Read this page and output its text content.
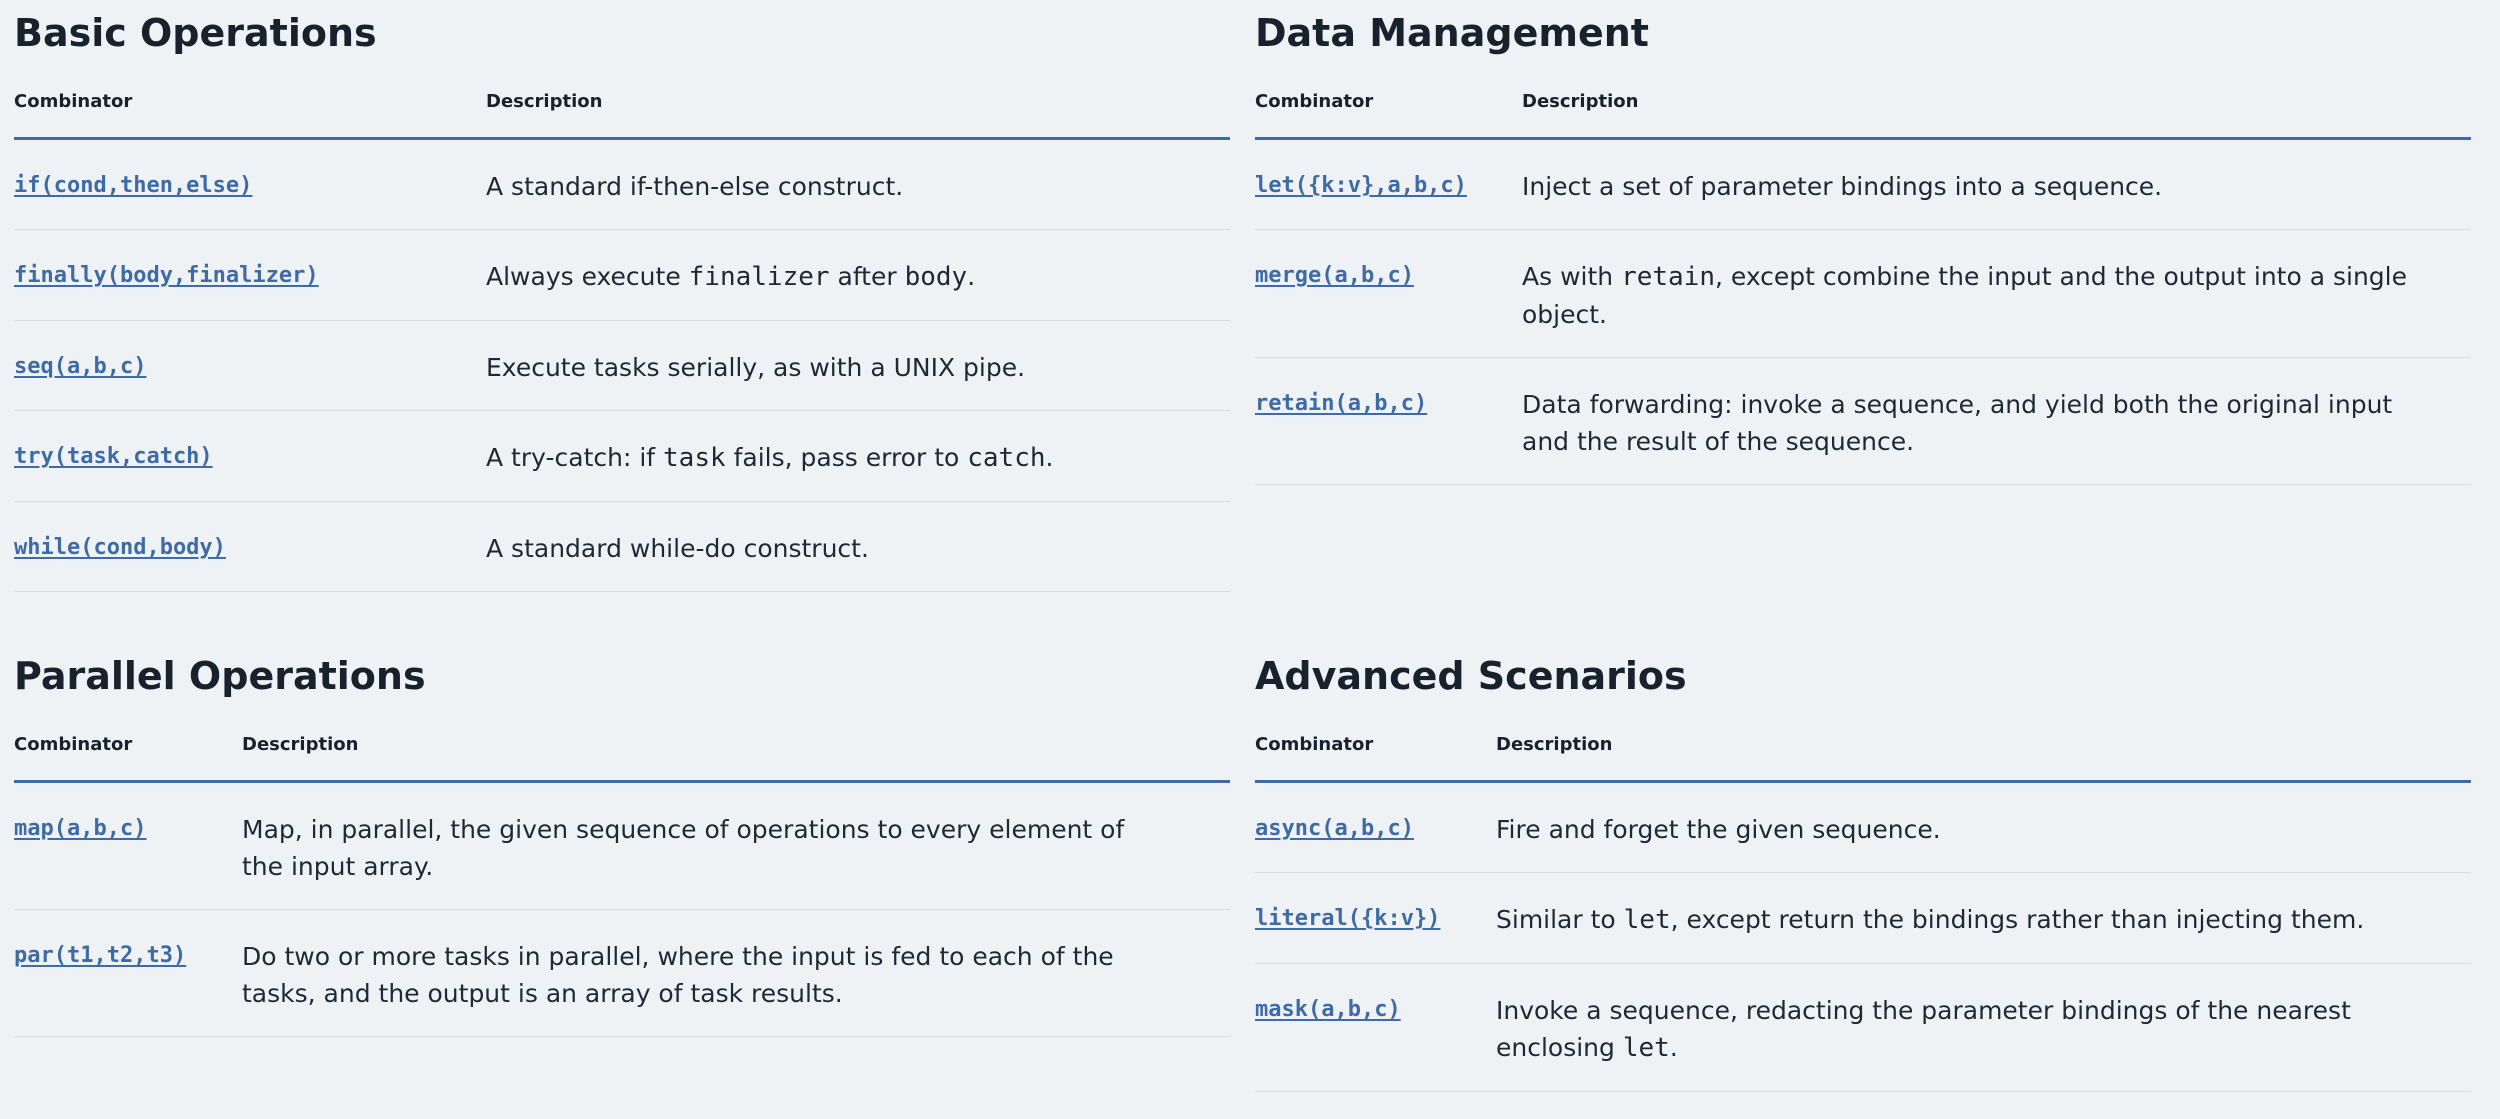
Basic Operations
Combinator	Description
if(cond,then,else)	A standard if-then-else construct.
finally(body,finalizer)	Always execute finalizer after body.
seq(a,b,c)	Execute tasks serially, as with a UNIX pipe.
try(task,catch)	A try-catch: if task fails, pass error to catch.
while(cond,body)	A standard while-do construct.
Data Management
Combinator	Description
let({k:v},a,b,c)	Inject a set of parameter bindings into a sequence.
merge(a,b,c)	As with retain, except combine the input and the output into a single object.
retain(a,b,c)	Data forwarding: invoke a sequence, and yield both the original input and the result of the sequence.
Parallel Operations
Combinator	Description
map(a,b,c)	Map, in parallel, the given sequence of operations to every element of the input array.
par(t1,t2,t3)	Do two or more tasks in parallel, where the input is fed to each of the tasks, and the output is an array of task results.
Advanced Scenarios
Combinator	Description
async(a,b,c)	Fire and forget the given sequence.
literal({k:v})	Similar to let, except return the bindings rather than injecting them.
mask(a,b,c)	Invoke a sequence, redacting the parameter bindings of the nearest enclosing let.
